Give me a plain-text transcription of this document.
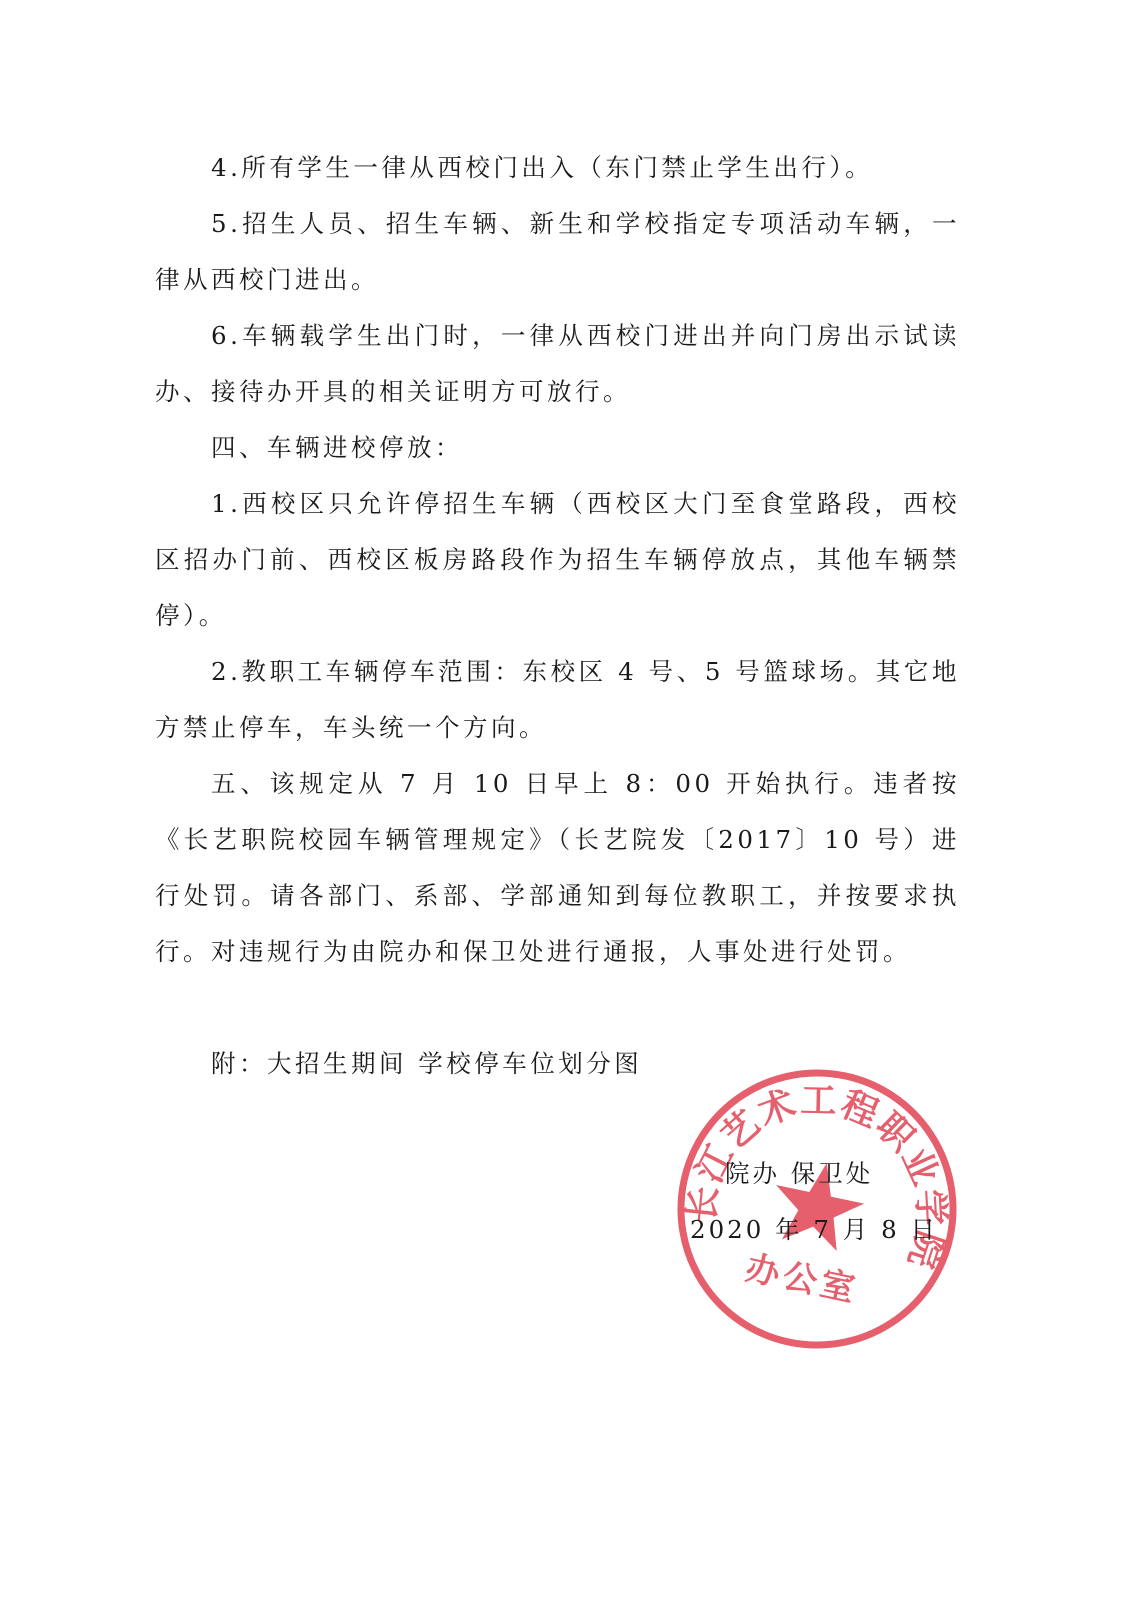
4.所有学生一律从西校门出入（东门禁止学生出行）。

5.招生人员、招生车辆、新生和学校指定专项活动车辆，一律从西校门进出。

6.车辆载学生出门时，一律从西校门进出并向门房出示试读办、接待办开具的相关证明方可放行。

四、车辆进校停放：

1.西校区只允许停招生车辆（西校区大门至食堂路段，西校区招办门前、西校区板房路段作为招生车辆停放点，其他车辆禁停）。

2.教职工车辆停车范围：东校区 4 号、5 号篮球场。其它地方禁止停车，车头统一个方向。

五、该规定从 7 月 10 日早上 8：00 开始执行。违者按《长艺职院校园车辆管理规定》（长艺院发〔2017〕10 号）进行处罚。请各部门、系部、学部通知到每位教职工，并按要求执行。对违规行为由院办和保卫处进行通报，人事处进行处罚。

附：大招生期间 学校停车位划分图

长江艺术工程职业学院
办公室
院办 保卫处
2020 年 7 月 8 日
